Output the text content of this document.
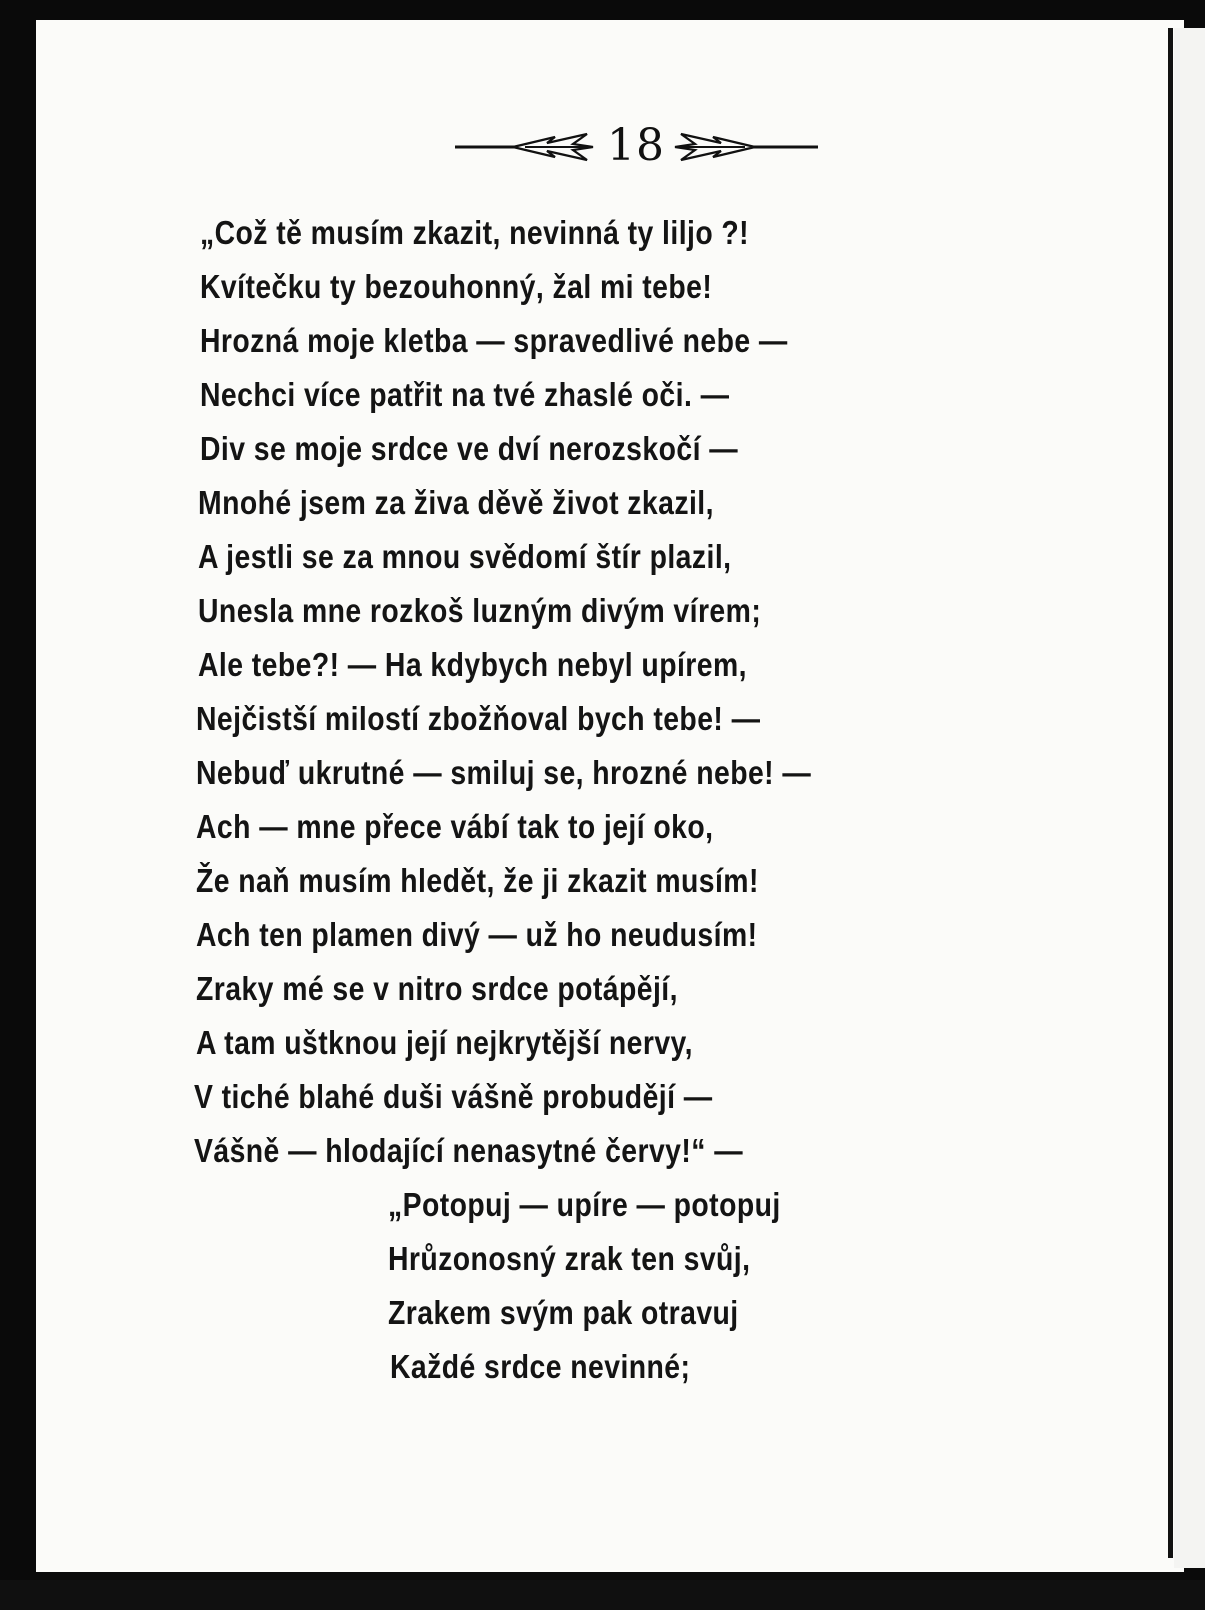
18
„Což tě musím zkazit, nevinná ty liljo ?!
Kvítečku ty bezouhonný, žal mi tebe!
Hrozná moje kletba — spravedlivé nebe —
Nechci více patřit na tvé zhaslé oči. —
Div se moje srdce ve dví nerozskočí —
Mnohé jsem za živa děvě život zkazil,
A jestli se za mnou svědomí štír plazil,
Unesla mne rozkoš luzným divým vírem;
Ale tebe?! — Ha kdybych nebyl upírem,
Nejčistší milostí zbožňoval bych tebe! —
Nebuď ukrutné — smiluj se, hrozné nebe! —
Ach — mne přece vábí tak to její oko,
Že naň musím hledět, že ji zkazit musím!
Ach ten plamen divý — už ho neudusím!
Zraky mé se v nitro srdce potápějí,
A tam uštknou její nejkrytější nervy,
V tiché blahé duši vášně probudějí —
Vášně — hlodající nenasytné červy!“ —
„Potopuj — upíre — potopuj
Hrůzonosný zrak ten svůj,
Zrakem svým pak otravuj
Každé srdce nevinné;
